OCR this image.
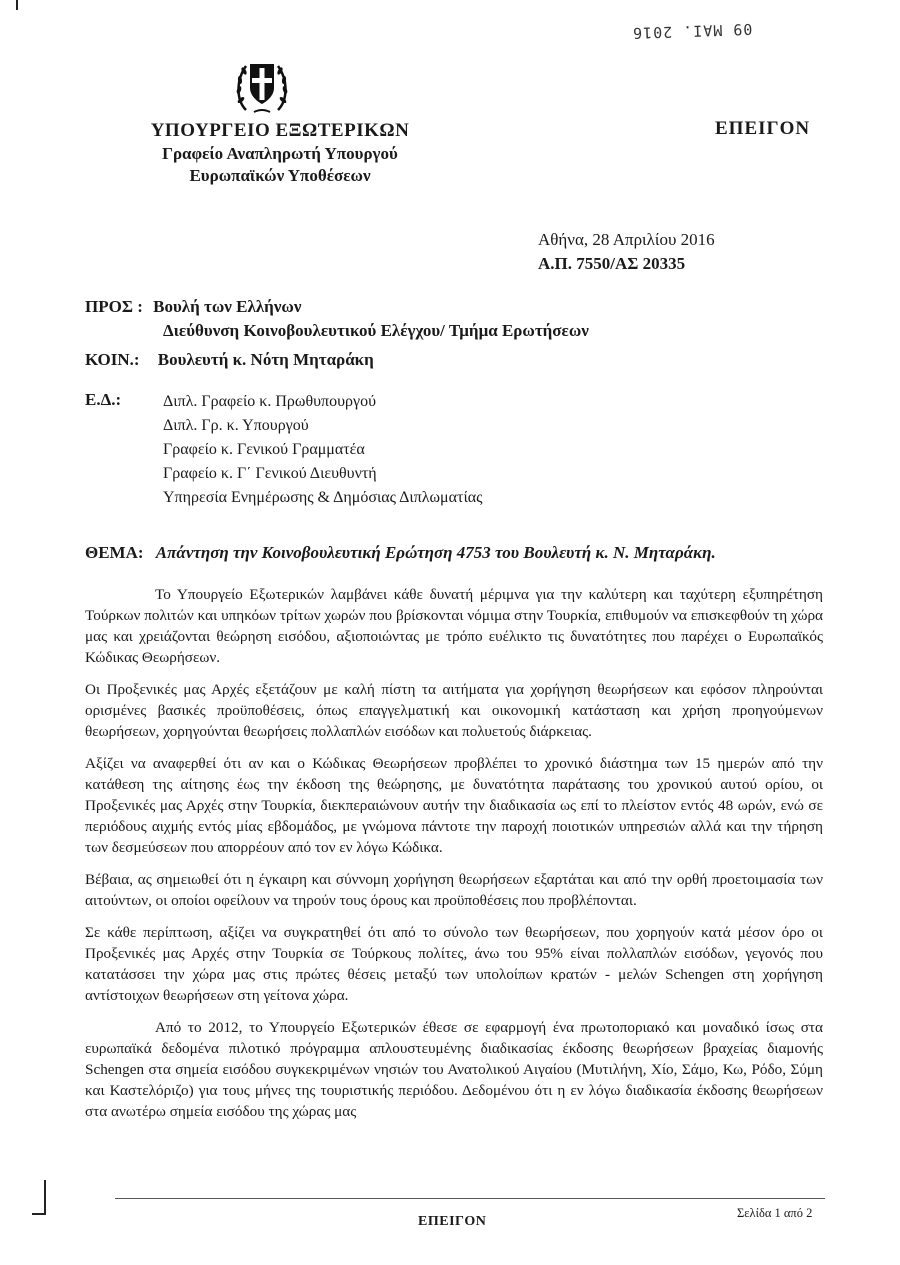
09 ΜΑΙ. 2016
ΥΠΟΥΡΓΕΙΟ ΕΞΩΤΕΡΙΚΩΝ
Γραφείο Αναπληρωτή Υπουργού
Ευρωπαϊκών Υποθέσεων
ΕΠΕΙΓΟΝ
Αθήνα, 28 Απριλίου 2016
Α.Π. 7550/ΑΣ 20335
ΠΡΟΣ : Βουλή των Ελλήνων
Διεύθυνση Κοινοβουλευτικού Ελέγχου/ Τμήμα Ερωτήσεων
ΚΟΙΝ.: Βουλευτή κ. Νότη Μηταράκη
Ε.Δ.:	Διπλ. Γραφείο κ. Πρωθυπουργού
Διπλ. Γρ. κ. Υπουργού
Γραφείο κ. Γενικού Γραμματέα
Γραφείο κ. Γ΄ Γενικού Διευθυντή
Υπηρεσία Ενημέρωσης & Δημόσιας Διπλωματίας
ΘΕΜΑ: Απάντηση την Κοινοβουλευτική Ερώτηση 4753 του Βουλευτή κ. Ν. Μηταράκη.

Το Υπουργείο Εξωτερικών λαμβάνει κάθε δυνατή μέριμνα για την καλύτερη και ταχύτερη εξυπηρέτηση Τούρκων πολιτών και υπηκόων τρίτων χωρών που βρίσκονται νόμιμα στην Τουρκία, επιθυμούν να επισκεφθούν τη χώρα μας και χρειάζονται θεώρηση εισόδου, αξιοποιώντας με τρόπο ευέλικτο τις δυνατότητες που παρέχει ο Ευρωπαϊκός Κώδικας Θεωρήσεων.

Οι Προξενικές μας Αρχές εξετάζουν με καλή πίστη τα αιτήματα για χορήγηση θεωρήσεων και εφόσον πληρούνται ορισμένες βασικές προϋποθέσεις, όπως επαγγελματική και οικονομική κατάσταση και χρήση προηγούμενων θεωρήσεων, χορηγούνται θεωρήσεις πολλαπλών εισόδων και πολυετούς διάρκειας.

Αξίζει να αναφερθεί ότι αν και ο Κώδικας Θεωρήσεων προβλέπει το χρονικό διάστημα των 15 ημερών από την κατάθεση της αίτησης έως την έκδοση της θεώρησης, με δυνατότητα παράτασης του χρονικού αυτού ορίου, οι Προξενικές μας Αρχές στην Τουρκία, διεκπεραιώνουν αυτήν την διαδικασία ως επί το πλείστον εντός 48 ωρών, ενώ σε περιόδους αιχμής εντός μίας εβδομάδος, με γνώμονα πάντοτε την παροχή ποιοτικών υπηρεσιών αλλά και την τήρηση των δεσμεύσεων που απορρέουν από τον εν λόγω Κώδικα.

Βέβαια, ας σημειωθεί ότι η έγκαιρη και σύννομη χορήγηση θεωρήσεων εξαρτάται και από την ορθή προετοιμασία των αιτούντων, οι οποίοι οφείλουν να τηρούν τους όρους και προϋποθέσεις που προβλέπονται.

Σε κάθε περίπτωση, αξίζει να συγκρατηθεί ότι από το σύνολο των θεωρήσεων, που χορηγούν κατά μέσον όρο οι Προξενικές μας Αρχές στην Τουρκία σε Τούρκους πολίτες, άνω του 95% είναι πολλαπλών εισόδων, γεγονός που κατατάσσει την χώρα μας στις πρώτες θέσεις μεταξύ των υπολοίπων κρατών - μελών Schengen στη χορήγηση αντίστοιχων θεωρήσεων στη γείτονα χώρα.

Από το 2012, το Υπουργείο Εξωτερικών έθεσε σε εφαρμογή ένα πρωτοποριακό και μοναδικό ίσως στα ευρωπαϊκά δεδομένα πιλοτικό πρόγραμμα απλουστευμένης διαδικασίας έκδοσης θεωρήσεων βραχείας διαμονής Schengen στα σημεία εισόδου συγκεκριμένων νησιών του Ανατολικού Αιγαίου (Μυτιλήνη, Χίο, Σάμο, Κω, Ρόδο, Σύμη και Καστελόριζο) για τους μήνες της τουριστικής περιόδου. Δεδομένου ότι η εν λόγω διαδικασία έκδοσης θεωρήσεων στα ανωτέρω σημεία εισόδου της χώρας μας

Σελίδα 1 από 2
ΕΠΕΙΓΟΝ
